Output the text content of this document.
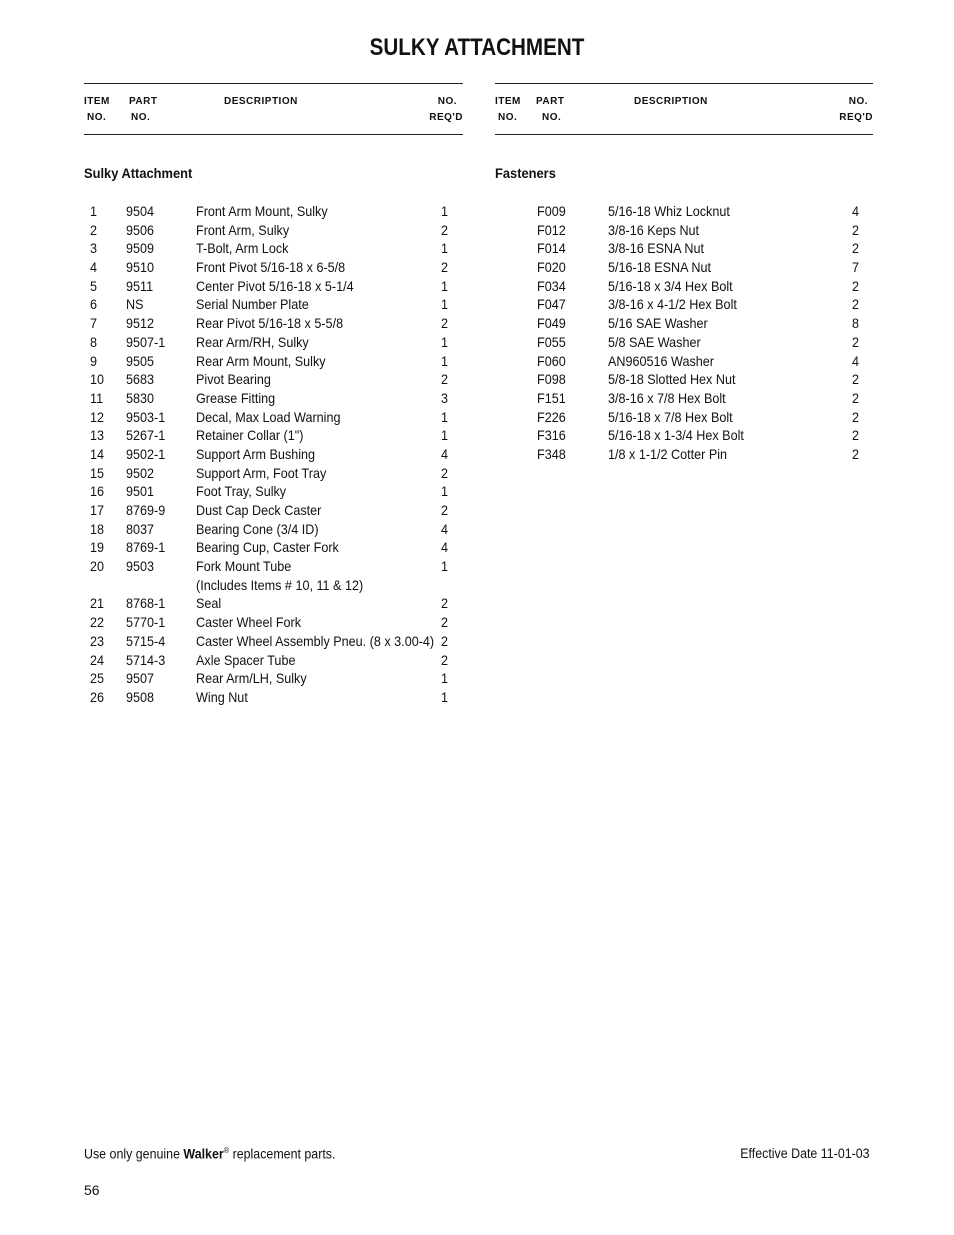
SULKY ATTACHMENT
ITEM
NO.
PART
NO.
DESCRIPTION	NO.
REQ'D
Sulky Attachment
1 9504	Front Arm Mount, Sulky	1
2 9506	Front Arm, Sulky	2
3 9509	T-Bolt, Arm Lock	1
4 9510	Front Pivot 5/16-18 x 6-5/8	2
5 9511	Center Pivot 5/16-18 x 5-1/4	1
6 NS	Serial Number Plate	1
7 9512	Rear Pivot 5/16-18 x 5-5/8	2
8 9507-1 Rear Arm/RH, Sulky	1
9 9505	Rear Arm Mount, Sulky	1
10 5683	Pivot Bearing	2
11 5830	Grease Fitting	3
12 9503-1 Decal, Max Load Warning	1
13 5267-1 Retainer Collar (1")	1
14 9502-1 Support Arm Bushing	4
15 9502	Support Arm, Foot Tray	2
16 9501	Foot Tray, Sulky	1
17 8769-9 Dust Cap Deck Caster	2
18 8037	Bearing Cone (3/4 ID)	4
19 8769-1 Bearing Cup, Caster Fork	4
20 9503	Fork Mount Tube	1
(Includes Items # 10, 11 & 12)
21 8768-1 Seal	2
22 5770-1 Caster Wheel Fork	2
23 5715-4 Caster Wheel Assembly Pneu. (8 x 3.00-4) 2
24 5714-3 Axle Spacer Tube	2
25 9507	Rear Arm/LH, Sulky	1
26 9508	Wing Nut	1
ITEM
NO.
PART
NO.
DESCRIPTION	NO.
REQ'D
Fasteners
F009	5/16-18 Whiz Locknut	4
F012	3/8-16 Keps Nut	2
F014	3/8-16 ESNA Nut	2
F020	5/16-18 ESNA Nut	7
F034	5/16-18 x 3/4 Hex Bolt	2
F047	3/8-16 x 4-1/2 Hex Bolt	2
F049	5/16 SAE Washer	8
F055	5/8 SAE Washer	2
F060	AN960516 Washer	4
F098	5/8-18 Slotted Hex Nut	2
F151	3/8-16 x 7/8 Hex Bolt	2
F226	5/16-18 x 7/8 Hex Bolt	2
F316	5/16-18 x 1-3/4 Hex Bolt	2
F348	1/8 x 1-1/2 Cotter Pin	2
Use only genuine Walker® replacement parts.	Effective Date 11-01-03
56
